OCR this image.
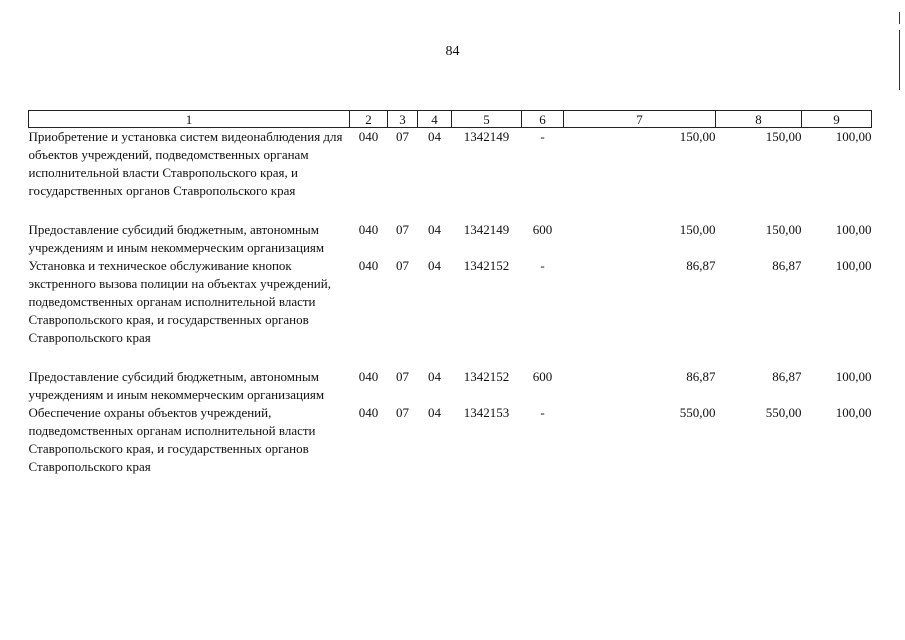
84
1	2	3	4	5	6	7	8	9
Приобретение и установка систем видеонаблюдения для объектов учреждений, подведомственных органам исполнительной власти Ставропольского края, и государственных органов Ставропольского края	040	07	04	1342149	-	150,00	150,00	100,00
Предоставление субсидий бюджетным, автономным учреждениям и иным некоммерческим организациям	040	07	04	1342149	600	150,00	150,00	100,00
Установка и техническое обслуживание кнопок экстренного вызова полиции на объектах учреждений, подведомственных органам исполнительной власти Ставропольского края, и государственных органов Ставропольского края	040	07	04	1342152	-	86,87	86,87	100,00
Предоставление субсидий бюджетным, автономным учреждениям и иным некоммерческим организациям	040	07	04	1342152	600	86,87	86,87	100,00
Обеспечение охраны объектов учреждений, подведомственных органам исполнительной власти Ставропольского края, и государственных органов Ставропольского края	040	07	04	1342153	-	550,00	550,00	100,00
